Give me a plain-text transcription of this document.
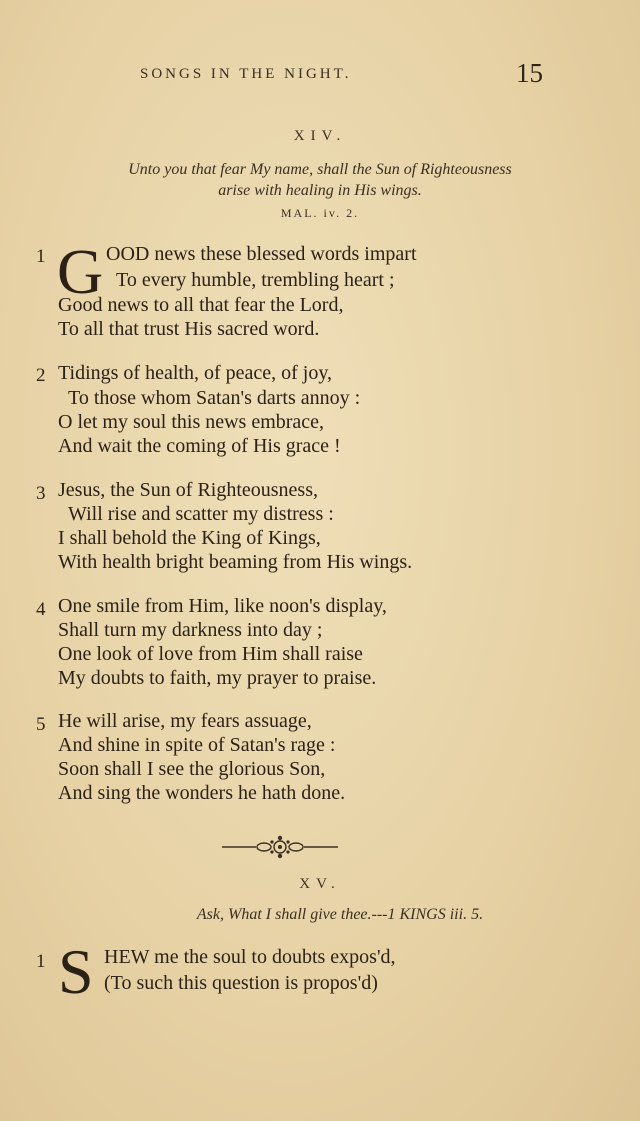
SONGS IN THE NIGHT.	15
XIV.
Unto you that fear My name, shall the Sun of Righteousness
arise with healing in His wings.
MAL. iv. 2.
1 G OOD news these blessed words impart
To every humble, trembling heart ;
Good news to all that fear the Lord,
To all that trust His sacred word.
2 Tidings of health, of peace, of joy,
To those whom Satan's darts annoy :
O let my soul this news embrace,
And wait the coming of His grace !
3 Jesus, the Sun of Righteousness,
Will rise and scatter my distress :
I shall behold the King of Kings,
With health bright beaming from His wings.
4 One smile from Him, like noon's display,
Shall turn my darkness into day ;
One look of love from Him shall raise
My doubts to faith, my prayer to praise.
5 He will arise, my fears assuage,
And shine in spite of Satan's rage :
Soon shall I see the glorious Son,
And sing the wonders he hath done.
XV.
Ask, What I shall give thee.---1 KINGS iii. 5.
1 S HEW me the soul to doubts expos'd,
(To such this question is propos'd)
